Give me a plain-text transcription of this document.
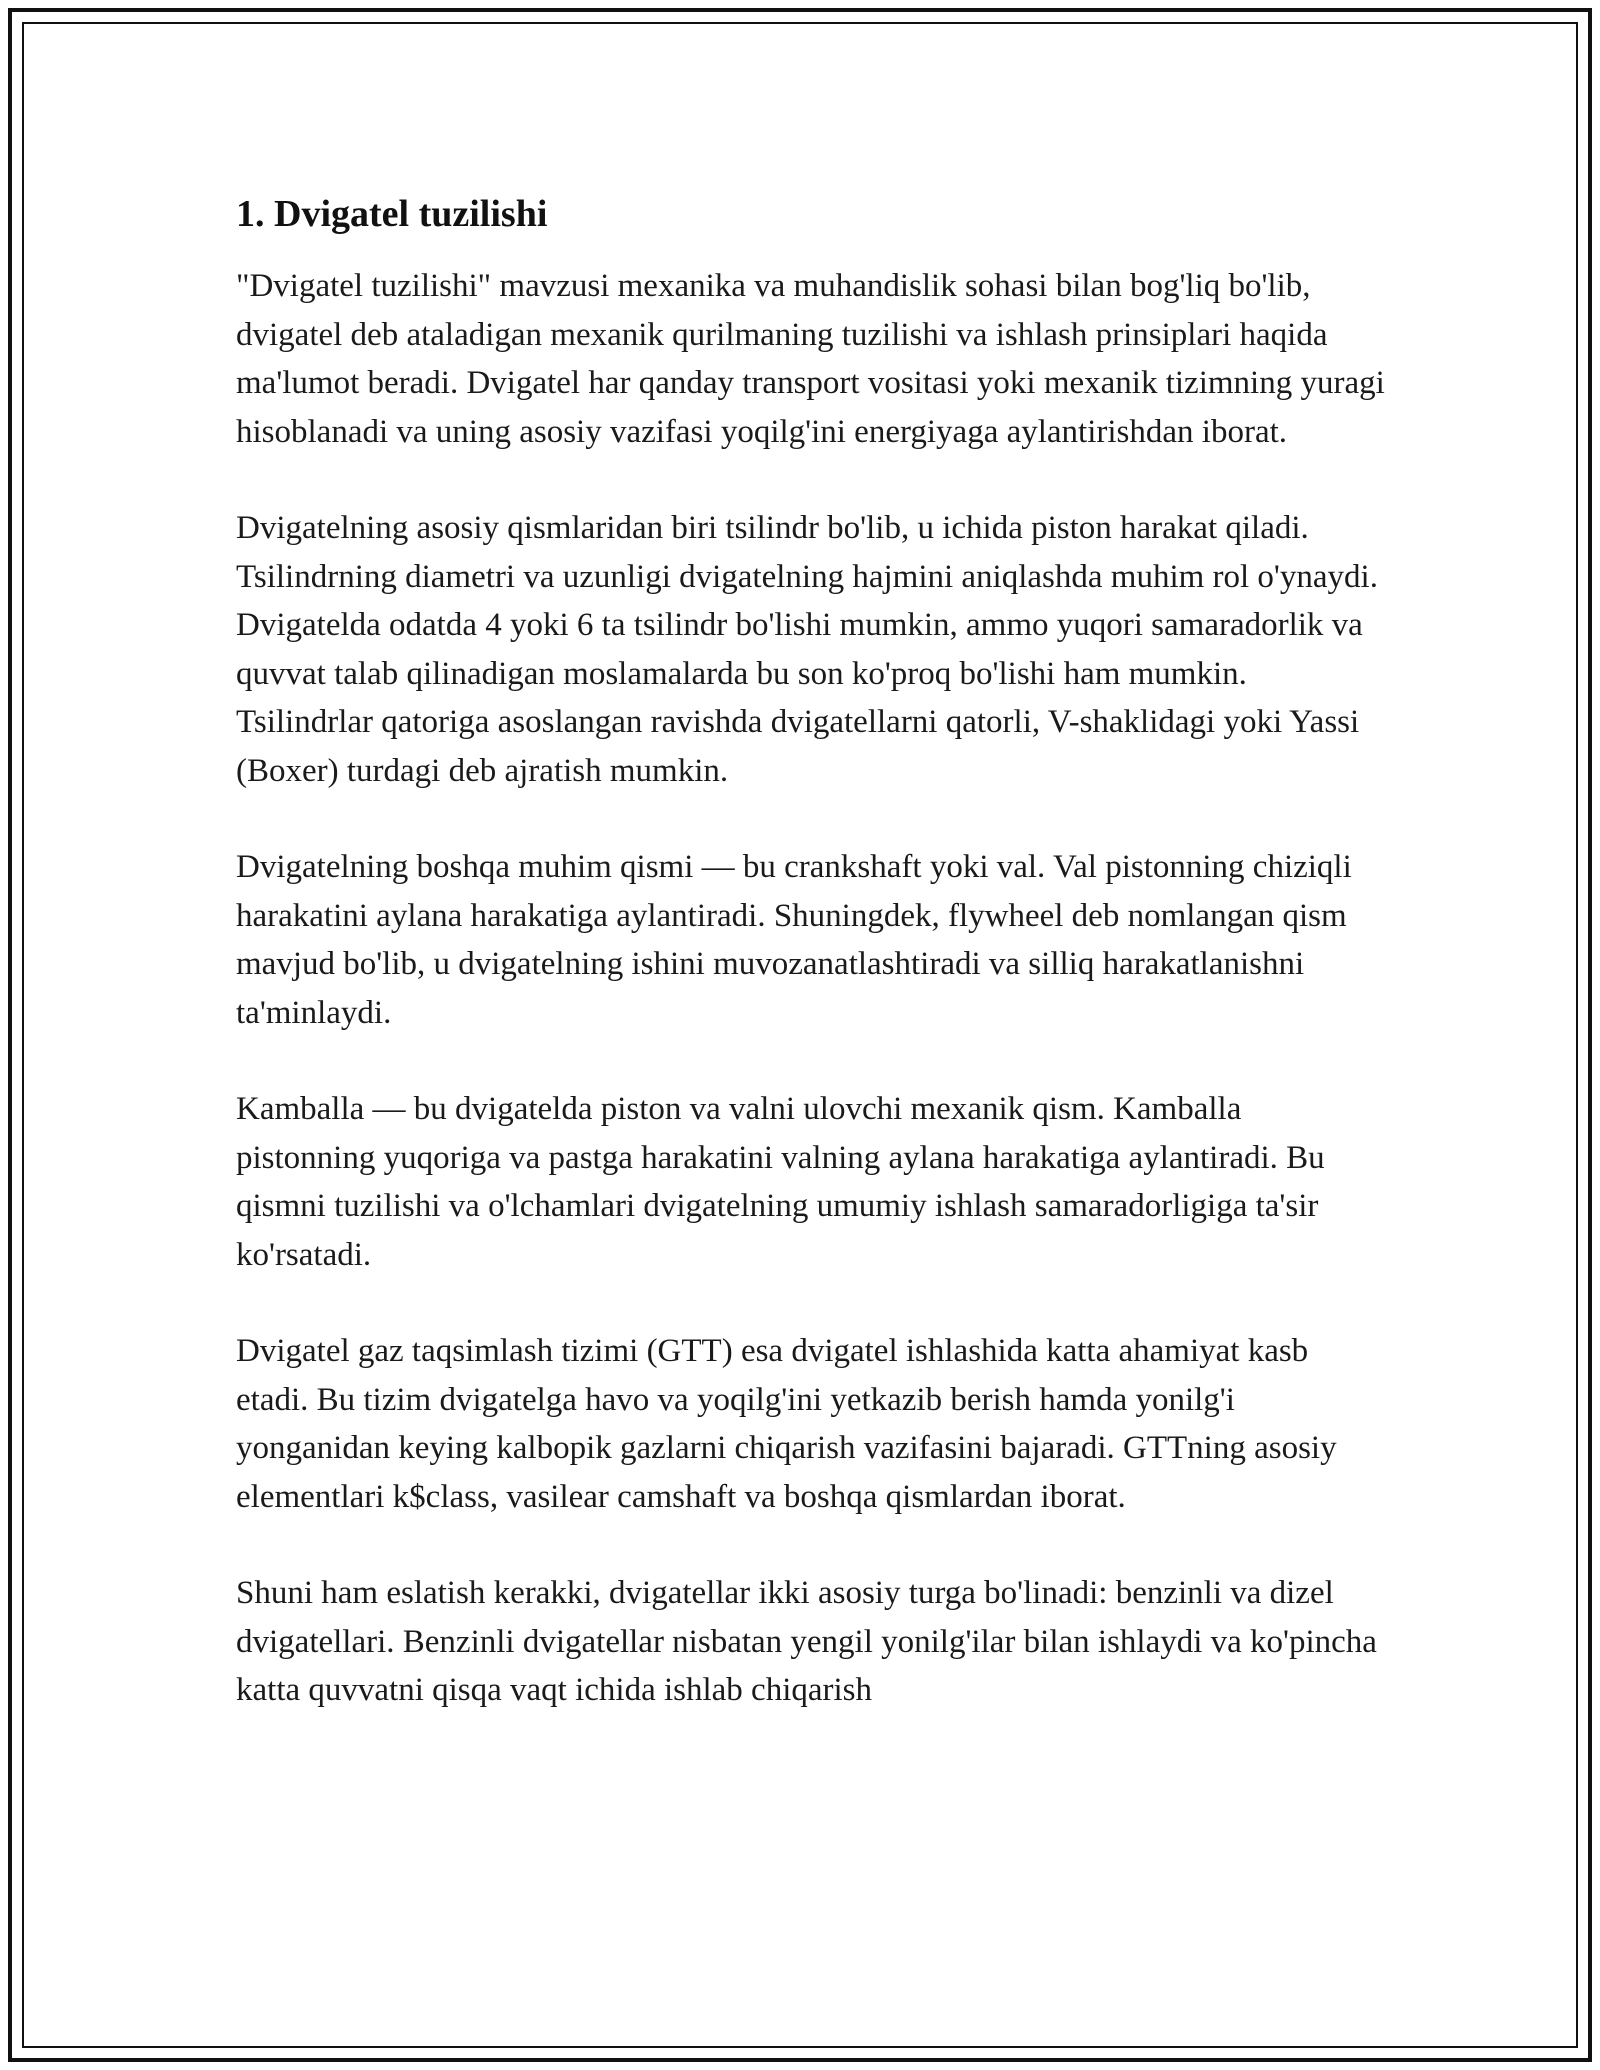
1. Dvigatel tuzilishi

"Dvigatel tuzilishi" mavzusi mexanika va muhandislik sohasi bilan bog'liq bo'lib, dvigatel deb ataladigan mexanik qurilmaning tuzilishi va ishlash prinsiplari haqida ma'lumot beradi. Dvigatel har qanday transport vositasi yoki mexanik tizimning yuragi hisoblanadi va uning asosiy vazifasi yoqilg'ini energiyaga aylantirishdan iborat.

Dvigatelning asosiy qismlaridan biri tsilindr bo'lib, u ichida piston harakat qiladi. Tsilindrning diametri va uzunligi dvigatelning hajmini aniqlashda muhim rol o'ynaydi. Dvigatelda odatda 4 yoki 6 ta tsilindr bo'lishi mumkin, ammo yuqori samaradorlik va quvvat talab qilinadigan moslamalarda bu son ko'proq bo'lishi ham mumkin. Tsilindrlar qatoriga asoslangan ravishda dvigatellarni qatorli, V-shaklidagi yoki Yassi (Boxer) turdagi deb ajratish mumkin.

Dvigatelning boshqa muhim qismi — bu crankshaft yoki val. Val pistonning chiziqli harakatini aylana harakatiga aylantiradi. Shuningdek, flywheel deb nomlangan qism mavjud bo'lib, u dvigatelning ishini muvozanatlashtiradi va silliq harakatlanishni ta'minlaydi.

Kamballa — bu dvigatelda piston va valni ulovchi mexanik qism. Kamballa pistonning yuqoriga va pastga harakatini valning aylana harakatiga aylantiradi. Bu qismni tuzilishi va o'lchamlari dvigatelning umumiy ishlash samaradorligiga ta'sir ko'rsatadi.

Dvigatel gaz taqsimlash tizimi (GTT) esa dvigatel ishlashida katta ahamiyat kasb etadi. Bu tizim dvigatelga havo va yoqilg'ini yetkazib berish hamda yonilg'i yonganidan keying kalbopik gazlarni chiqarish vazifasini bajaradi. GTTning asosiy elementlari k$class, vasilear camshaft va boshqa qismlardan iborat.

Shuni ham eslatish kerakki, dvigatellar ikki asosiy turga bo'linadi: benzinli va dizel dvigatellari. Benzinli dvigatellar nisbatan yengil yonilg'ilar bilan ishlaydi va ko'pincha katta quvvatni qisqa vaqt ichida ishlab chiqarish
